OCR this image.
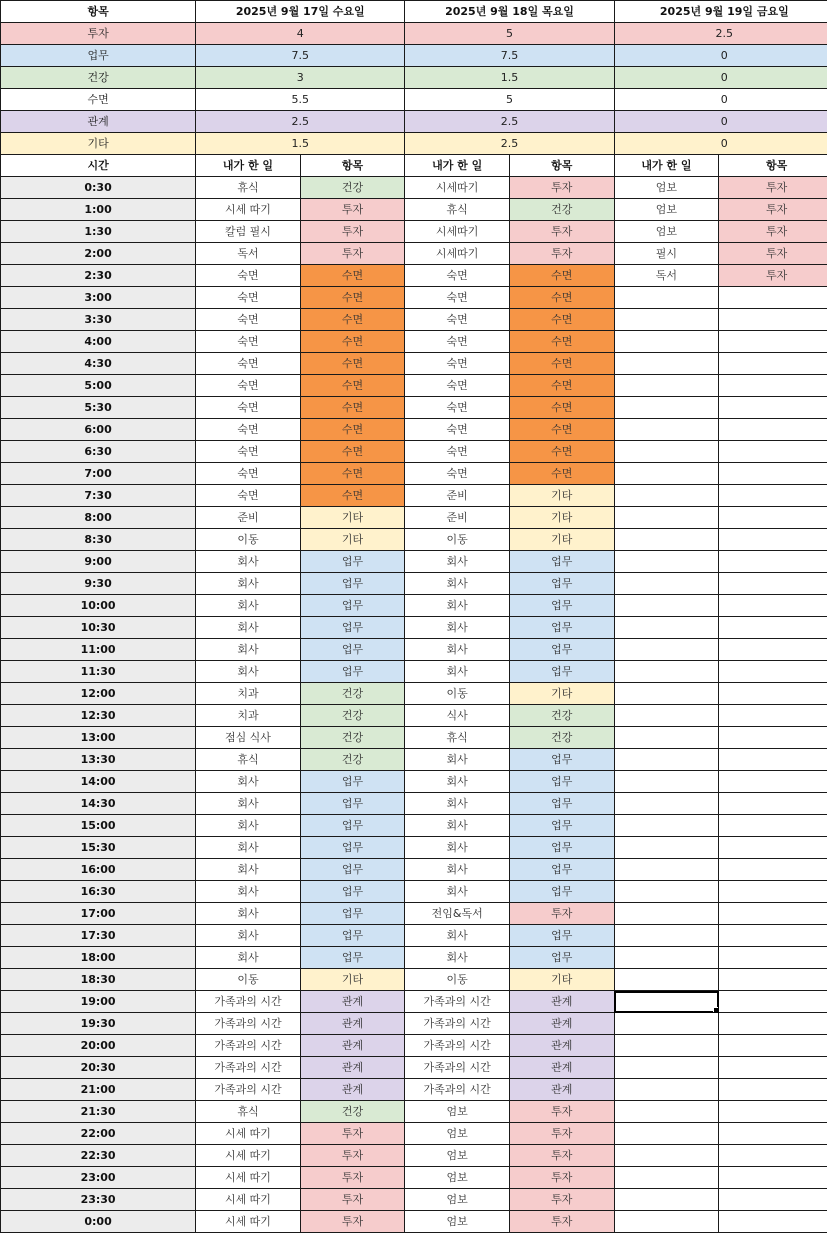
항목	2025년 9월 17일 수요일		2025년 9월 18일 목요일		2025년 9월 19일 금요일	
투자	4		5		2.5	
업무	7.5		7.5		0	
건강	3		1.5		0	
수면	5.5		5		0	
관계	2.5		2.5		0	
기타	1.5		2.5		0	
시간	내가 한 일	항목	내가 한 일	항목	내가 한 일	항목
0:30	휴식	건강	시세따기	투자	엄보	투자
1:00	시세 따기	투자	휴식	건강	엄보	투자
1:30	칼럼 필시	투자	시세따기	투자	엄보	투자
2:00	독서	투자	시세따기	투자	필시	투자
2:30	숙면	수면	숙면	수면	독서	투자
3:00	숙면	수면	숙면	수면		
3:30	숙면	수면	숙면	수면		
4:00	숙면	수면	숙면	수면		
4:30	숙면	수면	숙면	수면		
5:00	숙면	수면	숙면	수면		
5:30	숙면	수면	숙면	수면		
6:00	숙면	수면	숙면	수면		
6:30	숙면	수면	숙면	수면		
7:00	숙면	수면	숙면	수면		
7:30	숙면	수면	준비	기타		
8:00	준비	기타	준비	기타		
8:30	이동	기타	이동	기타		
9:00	회사	업무	회사	업무		
9:30	회사	업무	회사	업무		
10:00	회사	업무	회사	업무		
10:30	회사	업무	회사	업무		
11:00	회사	업무	회사	업무		
11:30	회사	업무	회사	업무		
12:00	치과	건강	이동	기타		
12:30	치과	건강	식사	건강		
13:00	점심 식사	건강	휴식	건강		
13:30	휴식	건강	회사	업무		
14:00	회사	업무	회사	업무		
14:30	회사	업무	회사	업무		
15:00	회사	업무	회사	업무		
15:30	회사	업무	회사	업무		
16:00	회사	업무	회사	업무		
16:30	회사	업무	회사	업무		
17:00	회사	업무	전임&독서	투자		
17:30	회사	업무	회사	업무		
18:00	회사	업무	회사	업무		
18:30	이동	기타	이동	기타		
19:00	가족과의 시간	관계	가족과의 시간	관계	

19:30	가족과의 시간	관계	가족과의 시간	관계		
20:00	가족과의 시간	관계	가족과의 시간	관계		
20:30	가족과의 시간	관계	가족과의 시간	관계		
21:00	가족과의 시간	관계	가족과의 시간	관계		
21:30	휴식	건강	엄보	투자		
22:00	시세 따기	투자	엄보	투자		
22:30	시세 따기	투자	엄보	투자		
23:00	시세 따기	투자	엄보	투자		
23:30	시세 따기	투자	엄보	투자		
0:00	시세 따기	투자	엄보	투자		
